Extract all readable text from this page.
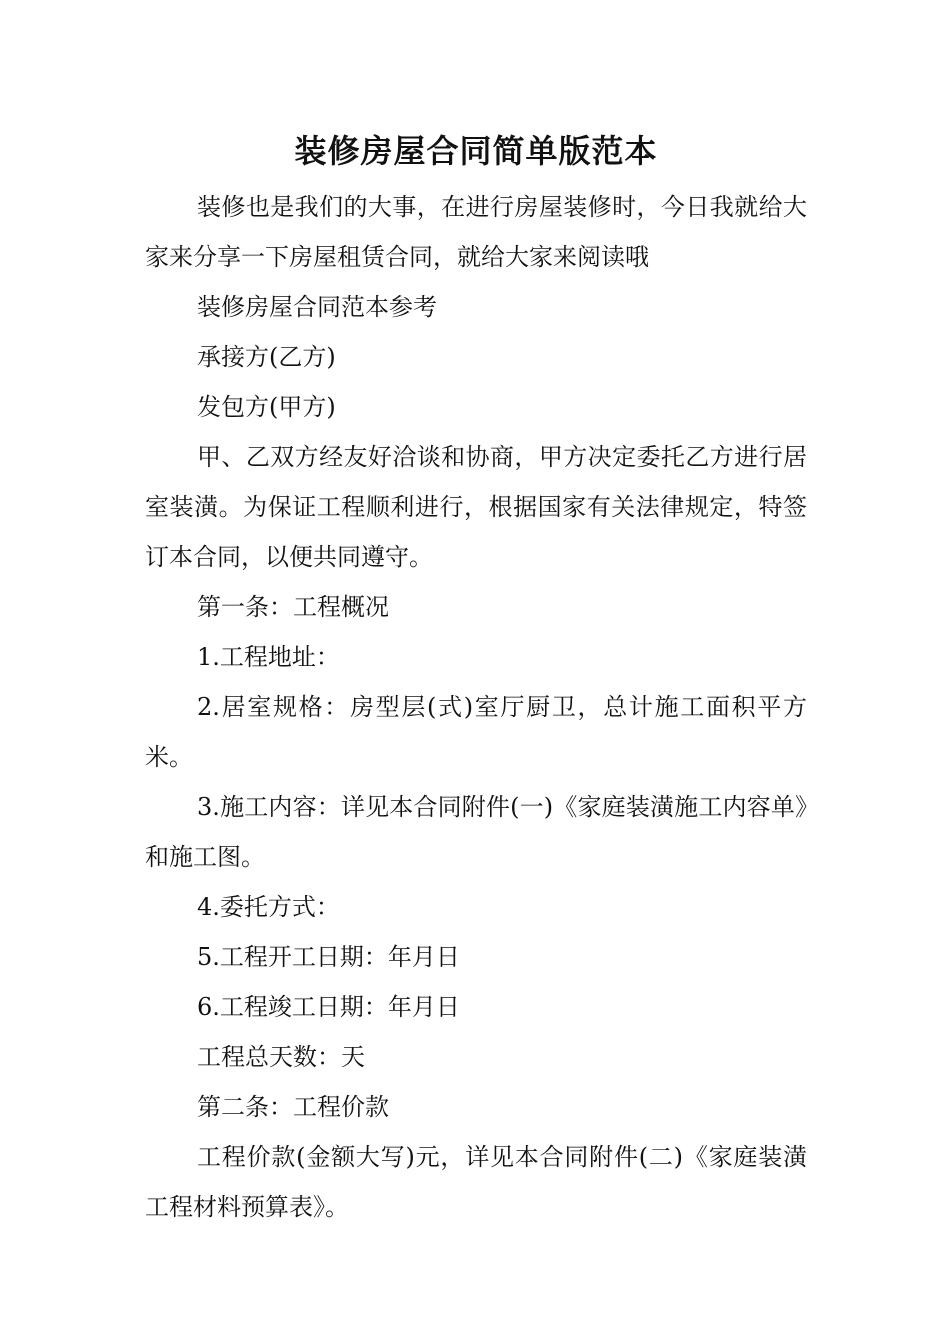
装修房屋合同简单版范本

装修也是我们的大事，在进行房屋装修时，今日我就给大家来分享一下房屋租赁合同，就给大家来阅读哦

装修房屋合同范本参考

承接方(乙方)

发包方(甲方)

甲、乙双方经友好洽谈和协商，甲方决定委托乙方进行居室装潢。为保证工程顺利进行，根据国家有关法律规定，特签订本合同，以便共同遵守。

第一条：工程概况

1.工程地址：

2.居室规格：房型层(式)室厅厨卫，总计施工面积平方米。

3.施工内容：详见本合同附件(一)《家庭装潢施工内容单》和施工图。

4.委托方式：

5.工程开工日期：年月日

6.工程竣工日期：年月日

工程总天数：天

第二条：工程价款

工程价款(金额大写)元，详见本合同附件(二)《家庭装潢工程材料预算表》。
